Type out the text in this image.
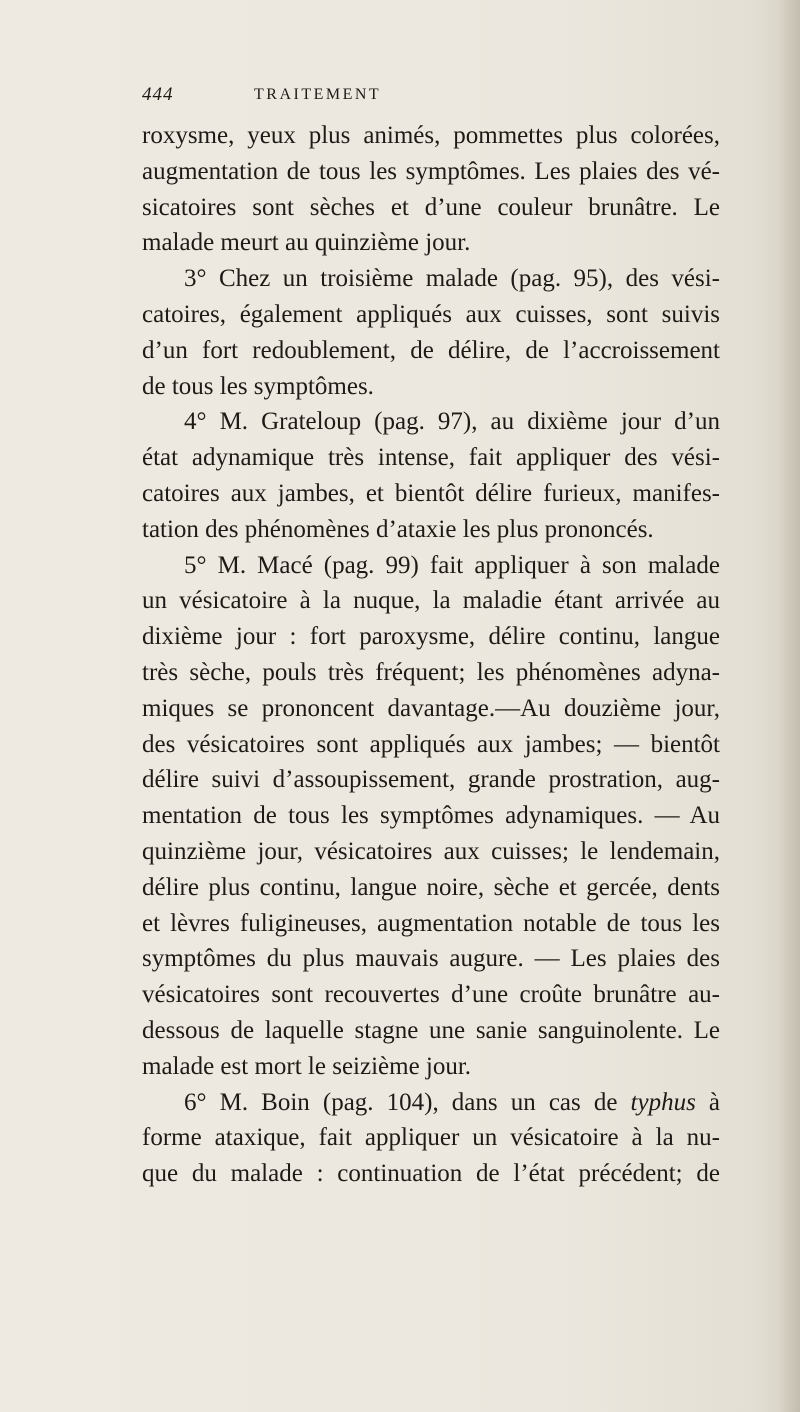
444	TRAITEMENT
roxysme, yeux plus animés, pommettes plus colorées,
augmentation de tous les symptômes. Les plaies des vé-
sicatoires sont sèches et d’une couleur brunâtre. Le
malade meurt au quinzième jour.
3° Chez un troisième malade (pag. 95), des vési-
catoires, également appliqués aux cuisses, sont suivis
d’un fort redoublement, de délire, de l’accroissement
de tous les symptômes.
4° M. Grateloup (pag. 97), au dixième jour d’un
état adynamique très intense, fait appliquer des vési-
catoires aux jambes, et bientôt délire furieux, manifes-
tation des phénomènes d’ataxie les plus prononcés.
5° M. Macé (pag. 99) fait appliquer à son malade
un vésicatoire à la nuque, la maladie étant arrivée au
dixième jour : fort paroxysme, délire continu, langue
très sèche, pouls très fréquent; les phénomènes adyna-
miques se prononcent davantage.—Au douzième jour,
des vésicatoires sont appliqués aux jambes; — bientôt
délire suivi d’assoupissement, grande prostration, aug-
mentation de tous les symptômes adynamiques. — Au
quinzième jour, vésicatoires aux cuisses; le lendemain,
délire plus continu, langue noire, sèche et gercée, dents
et lèvres fuligineuses, augmentation notable de tous les
symptômes du plus mauvais augure. — Les plaies des
vésicatoires sont recouvertes d’une croûte brunâtre au-
dessous de laquelle stagne une sanie sanguinolente. Le
malade est mort le seizième jour.
6° M. Boin (pag. 104), dans un cas de typhus à
forme ataxique, fait appliquer un vésicatoire à la nu-
que du malade : continuation de l’état précédent; de
